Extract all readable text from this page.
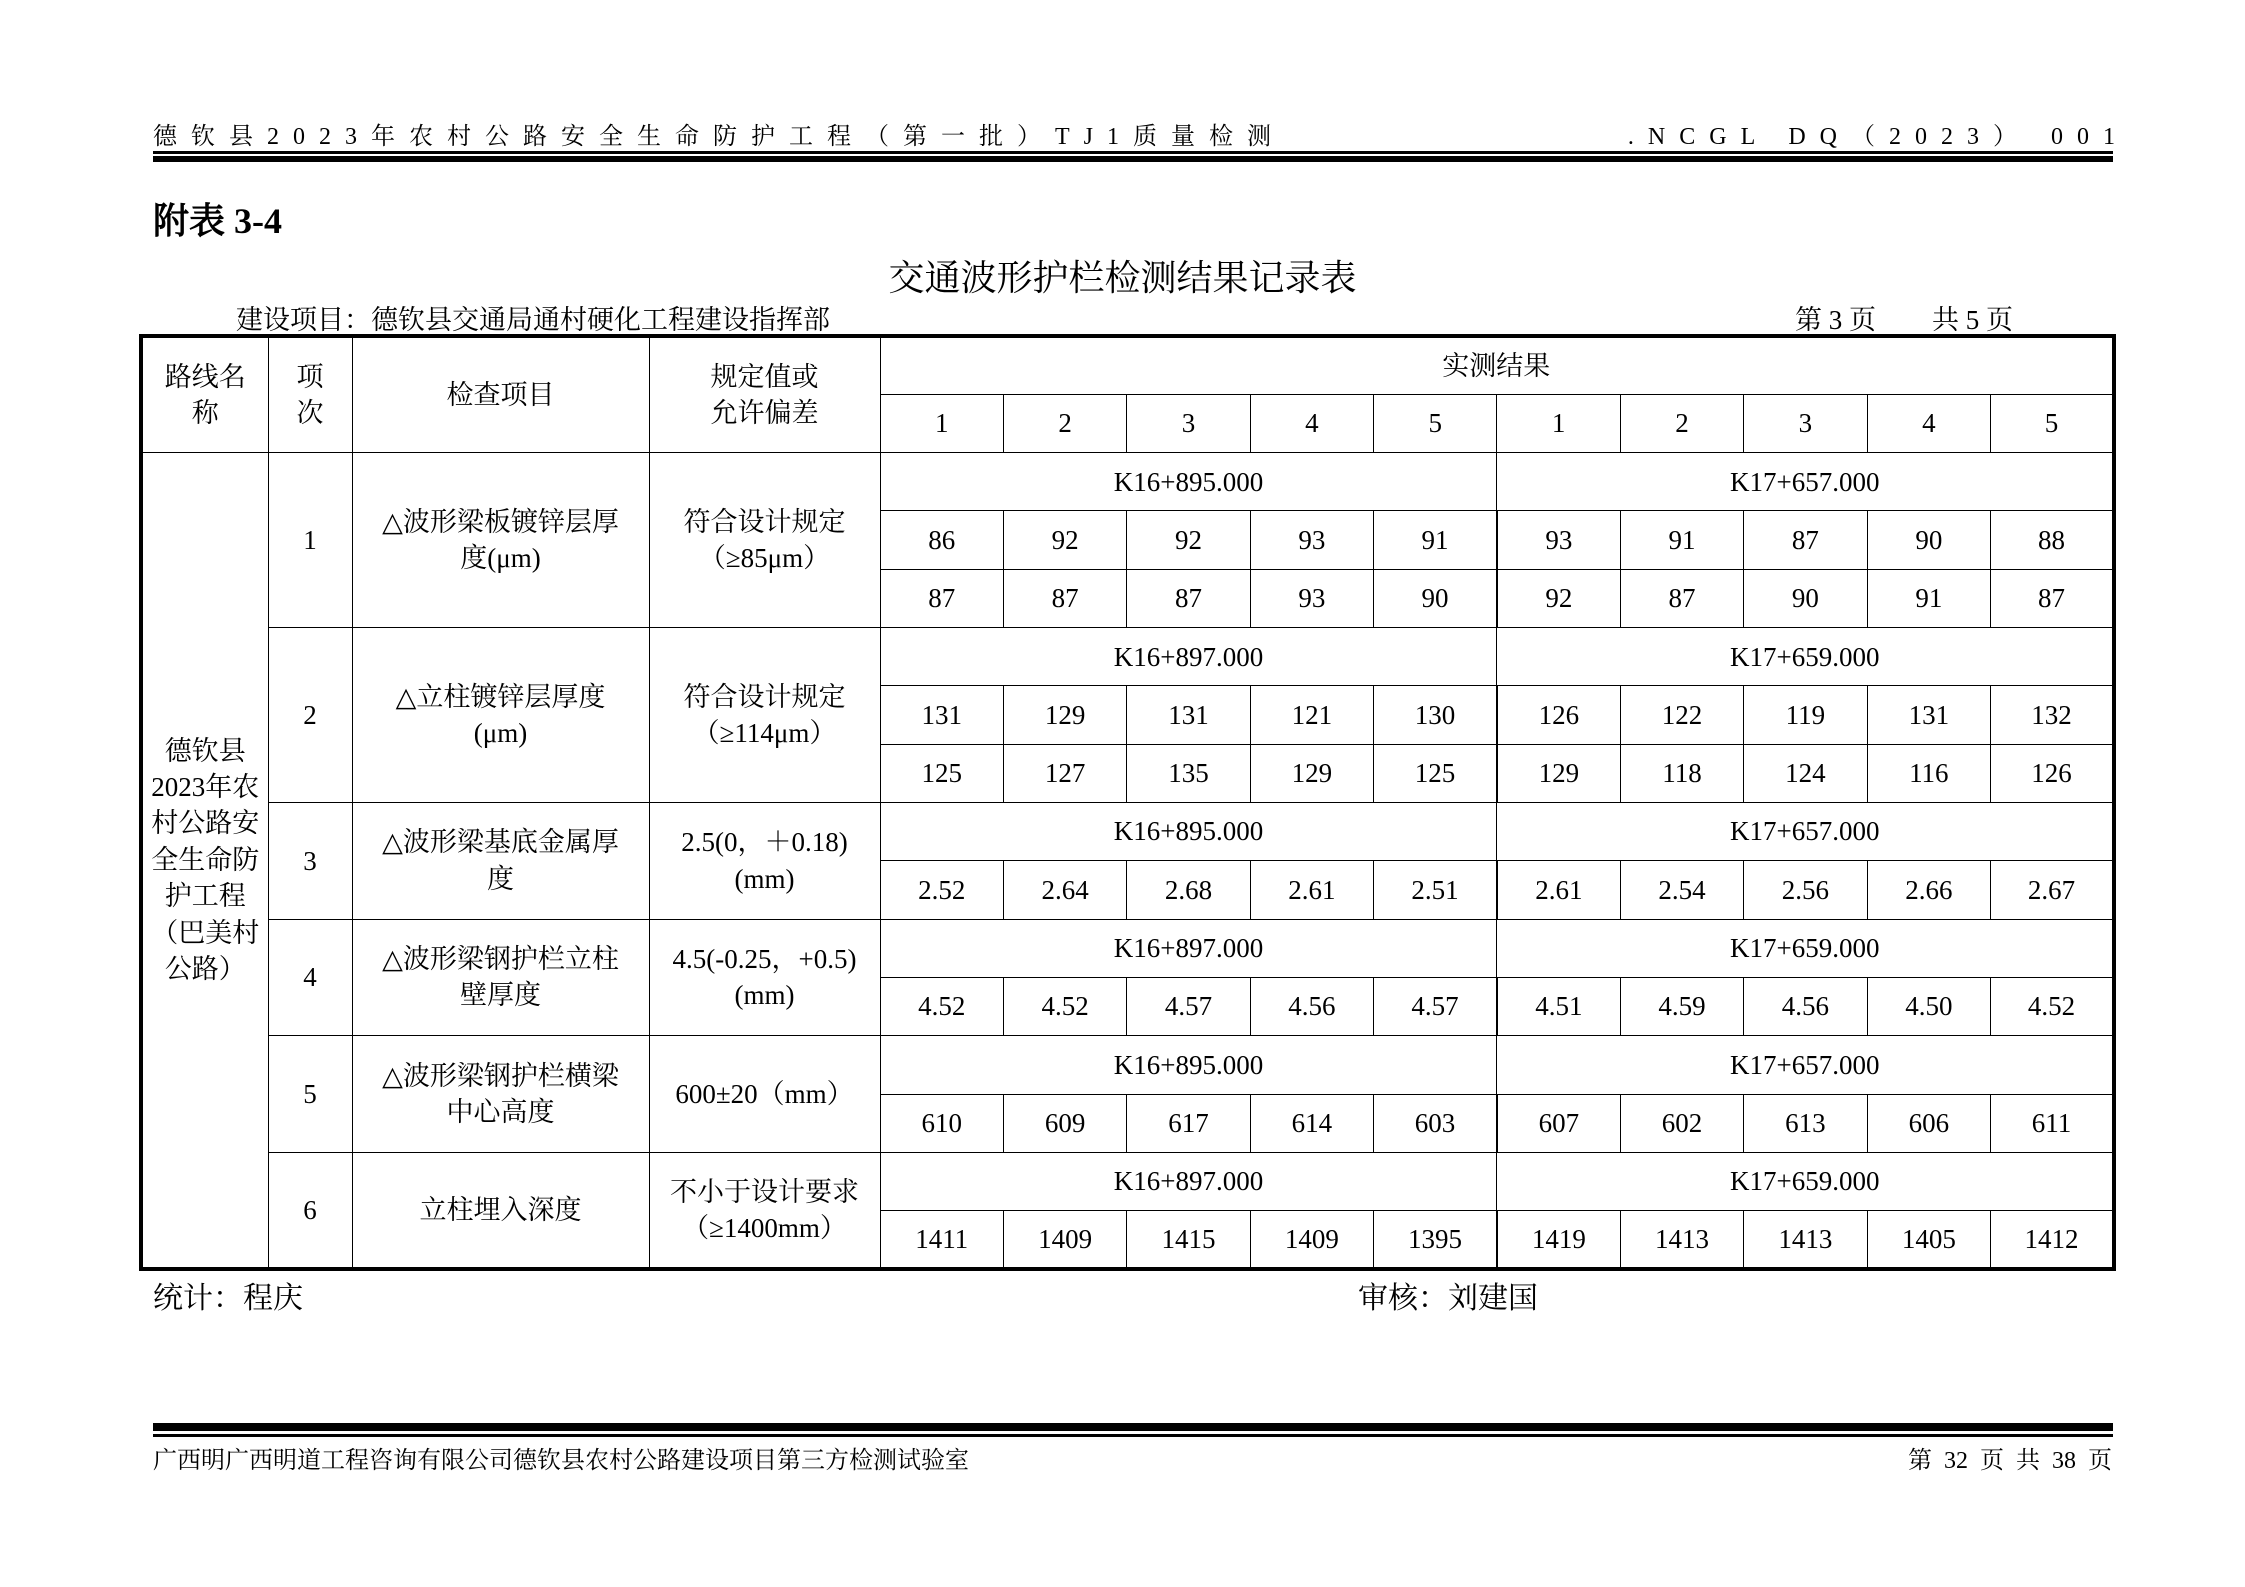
德钦县2023年农村公路安全生命防护工程（第一批）TJ1质量检测	.NCGL DQ（2023） 001
附表 3-4
交通波形护栏检测结果记录表
建设项目：德钦县交通局通村硬化工程建设指挥部	第 3 页 共 5 页
路线名称	项次	检查项目	规定值或允许偏差	实测结果									
				1	2	3	4	5	1	2	3	4	5
德钦县2023年农村公路安全生命防护工程（巴美村公路）	1	△波形梁板镀锌层厚度(μm)	符合设计规定（≥85μm）	K16+895.000					K17+657.000				
				86	92	92	93	91	93	91	87	90	88
				87	87	87	93	90	92	87	90	91	87
	2	△立柱镀锌层厚度(μm)	符合设计规定（≥114μm）	K16+897.000					K17+659.000				
				131	129	131	121	130	126	122	119	131	132
				125	127	135	129	125	129	118	124	116	126
	3	△波形梁基底金属厚度	2.5(0，＋0.18)(mm)	K16+895.000					K17+657.000				
				2.52	2.64	2.68	2.61	2.51	2.61	2.54	2.56	2.66	2.67
	4	△波形梁钢护栏立柱壁厚度	4.5(-0.25，+0.5)(mm)	K16+897.000					K17+659.000				
				4.52	4.52	4.57	4.56	4.57	4.51	4.59	4.56	4.50	4.52
	5	△波形梁钢护栏横梁中心高度	600±20（mm）	K16+895.000					K17+657.000				
				610	609	617	614	603	607	602	613	606	611
	6	立柱埋入深度	不小于设计要求（≥1400mm）	K16+897.000					K17+659.000				
				1411	1409	1415	1409	1395	1419	1413	1413	1405	1412
统计：程庆	审核：刘建国
广西明广西明道工程咨询有限公司德钦县农村公路建设项目第三方检测试验室	第 32 页 共 38 页
